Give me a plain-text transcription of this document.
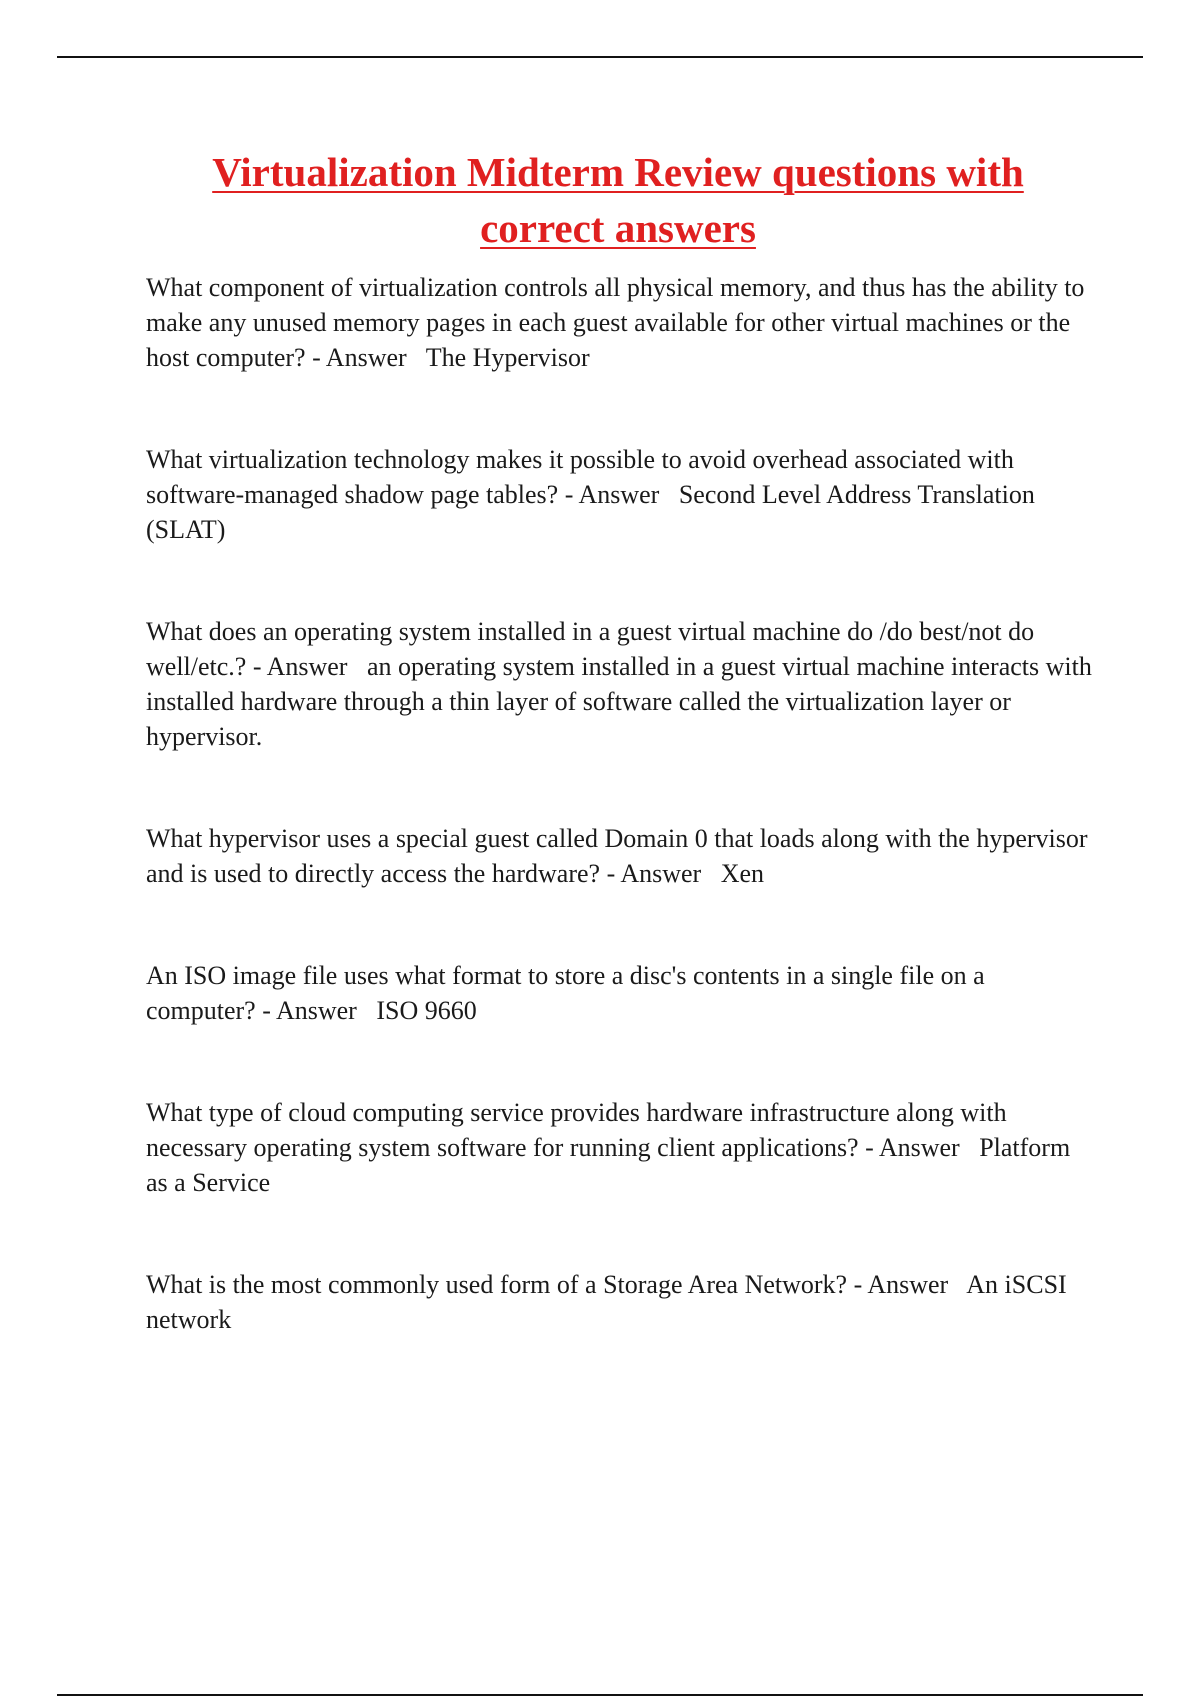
Virtualization Midterm Review questions with correct answers

What component of virtualization controls all physical memory, and thus has the ability to make any unused memory pages in each guest available for other virtual machines or the host computer? - Answer   The Hypervisor

What virtualization technology makes it possible to avoid overhead associated with software-managed shadow page tables? - Answer   Second Level Address Translation (SLAT)

What does an operating system installed in a guest virtual machine do /do best/not do well/etc.? - Answer   an operating system installed in a guest virtual machine interacts with installed hardware through a thin layer of software called the virtualization layer or hypervisor.

What hypervisor uses a special guest called Domain 0 that loads along with the hypervisor and is used to directly access the hardware? - Answer   Xen

An ISO image file uses what format to store a disc's contents in a single file on a computer? - Answer   ISO 9660

What type of cloud computing service provides hardware infrastructure along with necessary operating system software for running client applications? - Answer   Platform as a Service

What is the most commonly used form of a Storage Area Network? - Answer   An iSCSI network
